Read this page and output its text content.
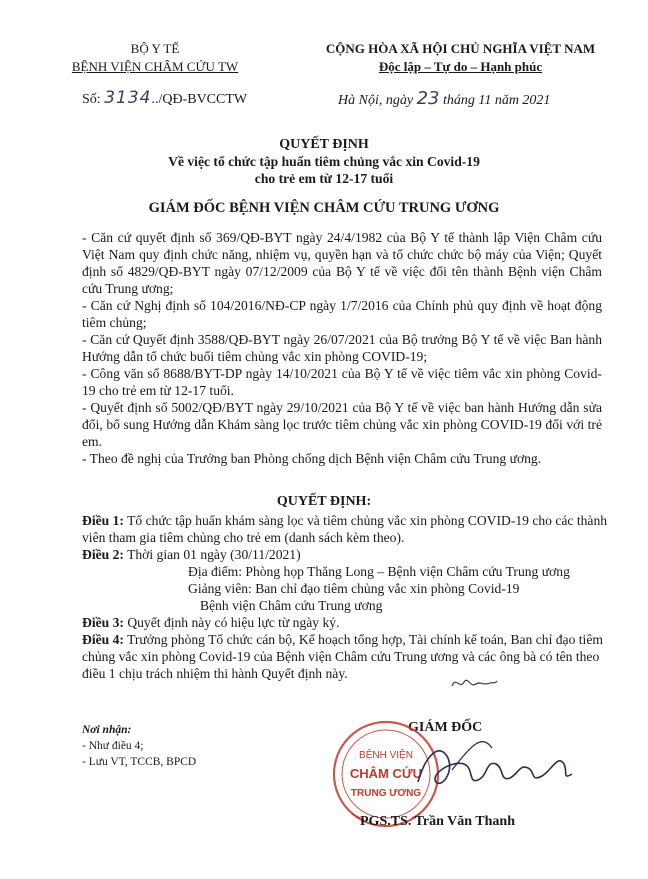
BỘ Y TẾ
BỆNH VIỆN CHÂM CỨU TW
CỘNG HÒA XÃ HỘI CHỦ NGHĨA VIỆT NAM
Độc lập – Tự do – Hạnh phúc
Số: 3134../QĐ-BVCCTW	Hà Nội, ngày 23 tháng 11 năm 2021
QUYẾT ĐỊNH
Về việc tổ chức tập huấn tiêm chủng vắc xin Covid-19
cho trẻ em từ 12-17 tuổi
GIÁM ĐỐC BỆNH VIỆN CHÂM CỨU TRUNG ƯƠNG

- Căn cứ quyết định số 369/QĐ-BYT ngày 24/4/1982 của Bộ Y tế thành lập Viện Châm cứu Việt Nam quy định chức năng, nhiệm vụ, quyền hạn và tổ chức chức bộ máy của Viện; Quyết định số 4829/QĐ-BYT ngày 07/12/2009 của Bộ Y tế về việc đổi tên thành Bệnh viện Châm cứu Trung ương;

- Căn cứ Nghị định số 104/2016/NĐ-CP ngày 1/7/2016 của Chính phủ quy định về hoạt động tiêm chủng;

- Căn cứ Quyết định 3588/QĐ-BYT ngày 26/07/2021 của Bộ trưởng Bộ Y tế về việc Ban hành Hướng dẫn tổ chức buổi tiêm chủng vắc xin phòng COVID-19;

- Công văn số 8688/BYT-DP ngày 14/10/2021 của Bộ Y tế về việc tiêm vắc xin phòng Covid-19 cho trẻ em từ 12-17 tuổi.

- Quyết định số 5002/QĐ/BYT ngày 29/10/2021 của Bộ Y tế về việc ban hành Hướng dẫn sửa đổi, bổ sung Hướng dẫn Khám sàng lọc trước tiêm chủng vắc xin phòng COVID-19 đối với trẻ em.

- Theo đề nghị của Trưởng ban Phòng chống dịch Bệnh viện Châm cứu Trung ương.

QUYẾT ĐỊNH:

Điều 1: Tổ chức tập huấn khám sàng lọc và tiêm chủng vắc xin phòng COVID-19 cho các thành viên tham gia tiêm chủng cho trẻ em (danh sách kèm theo).

Điều 2: Thời gian 01 ngày (30/11/2021)

Địa điểm: Phòng họp Thăng Long – Bệnh viện Châm cứu Trung ương

Giảng viên: Ban chỉ đạo tiêm chủng vắc xin phòng Covid-19

Bệnh viện Châm cứu Trung ương

Điều 3: Quyết định này có hiệu lực từ ngày ký.

Điều 4: Trưởng phòng Tổ chức cán bộ, Kế hoạch tổng hợp, Tài chính kế toán, Ban chỉ đạo tiêm chủng vắc xin phòng Covid-19 của Bệnh viện Châm cứu Trung ương và các ông bà có tên theo điều 1 chịu trách nhiệm thi hành Quyết định này.

Nơi nhận:
- Như điều 4;
- Lưu VT, TCCB, BPCD
GIÁM ĐỐC
BỆNH VIỆN
CHÂM CỨU
TRUNG ƯƠNG
PGS.TS. Trần Văn Thanh
